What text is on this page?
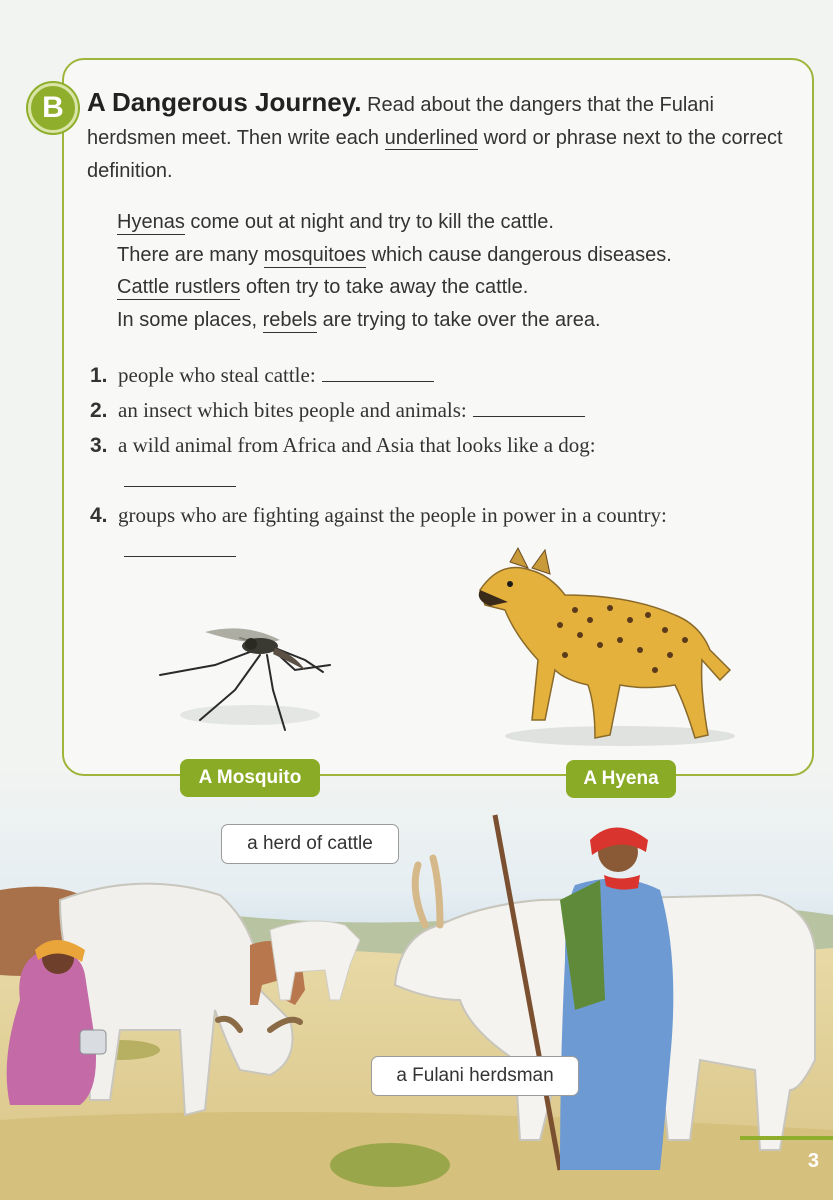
B A Dangerous Journey. Read about the dangers that the Fulani herdsmen meet. Then write each underlined word or phrase next to the correct definition.

Hyenas come out at night and try to kill the cattle.

There are many mosquitoes which cause dangerous diseases.

Cattle rustlers often try to take away the cattle.

In some places, rebels are trying to take over the area.

1. people who steal cattle:
2. an insect which bites people and animals:
3. a wild animal from Africa and Asia that looks like a dog:
4. groups who are fighting against the people in power in a country:
A Mosquito	A Hyena
a herd of cattle
a Fulani herdsman
3
